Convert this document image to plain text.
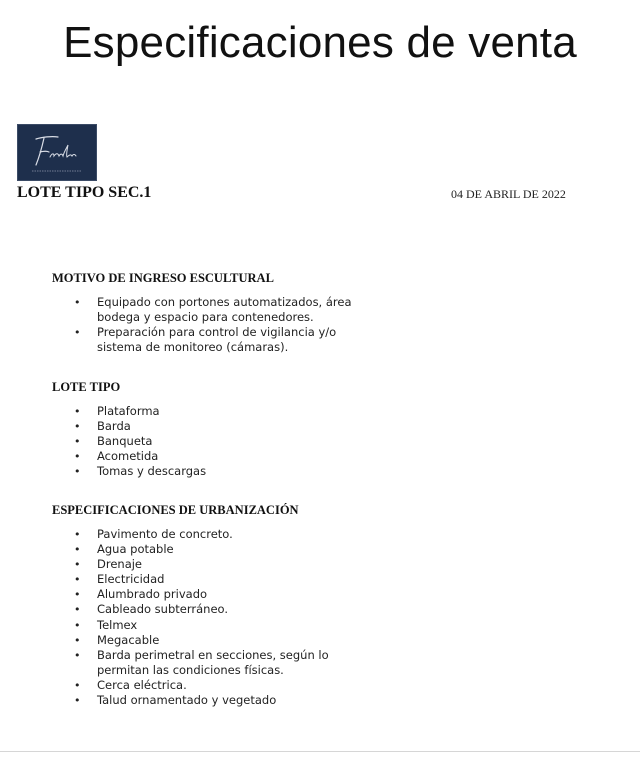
Especificaciones de venta
LOTE TIPO SEC.1	04 DE ABRIL DE 2022
MOTIVO DE INGRESO ESCULTURAL
• Equipado con portones automatizados, área bodega y espacio para contenedores.
• Preparación para control de vigilancia y/o sistema de monitoreo (cámaras).
LOTE TIPO
• Plataforma
• Barda
• Banqueta
• Acometida
• Tomas y descargas
ESPECIFICACIONES DE URBANIZACIÓN
• Pavimento de concreto.
• Agua potable
• Drenaje
• Electricidad
• Alumbrado privado
• Cableado subterráneo.
• Telmex
• Megacable
• Barda perimetral en secciones, según lo permitan las condiciones físicas.
• Cerca eléctrica.
• Talud ornamentado y vegetado
